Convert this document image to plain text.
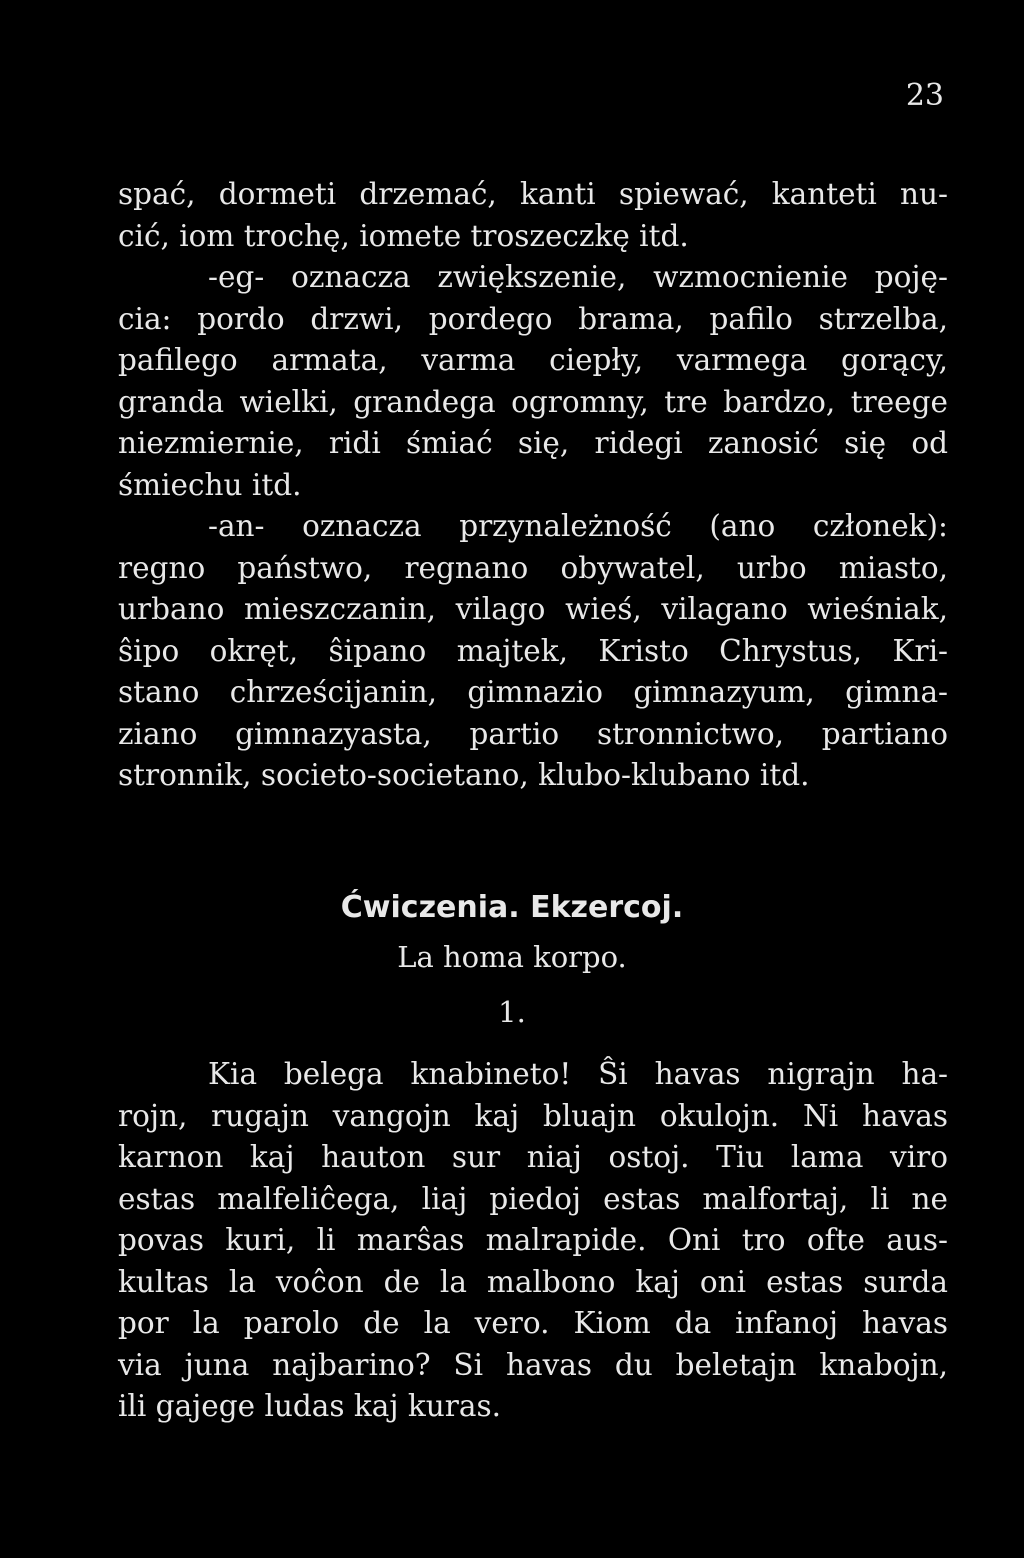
23
spać, dormeti drzemać, kanti spiewać, kanteti nu-
cić, iom trochę, iomete troszeczkę itd.
-eg- oznacza zwiększenie, wzmocnienie poję-
cia: pordo drzwi, pordego brama, pafilo strzelba,
pafilego armata, varma ciepły, varmega gorący,
granda wielki, grandega ogromny, tre bardzo, treege
niezmiernie, ridi śmiać się, ridegi zanosić się od
śmiechu itd.
-an- oznacza przynależność (ano członek):
regno państwo, regnano obywatel, urbo miasto,
urbano mieszczanin, vilago wieś, vilagano wieśniak,
ŝipo okręt, ŝipano majtek, Kristo Chrystus, Kri-
stano chrześcijanin, gimnazio gimnazyum, gimna-
ziano gimnazyasta, partio stronnictwo, partiano
stronnik, societo-societano, klubo-klubano itd.
Ćwiczenia. Ekzercoj.
La homa korpo.
1.
Kia belega knabineto! Ŝi havas nigrajn ha-
rojn, rugajn vangojn kaj bluajn okulojn. Ni havas
karnon kaj hauton sur niaj ostoj. Tiu lama viro
estas malfeliĉega, liaj piedoj estas malfortaj, li ne
povas kuri, li marŝas malrapide. Oni tro ofte aus-
kultas la voĉon de la malbono kaj oni estas surda
por la parolo de la vero. Kiom da infanoj havas
via juna najbarino? Si havas du beletajn knabojn,
ili gajege ludas kaj kuras.
